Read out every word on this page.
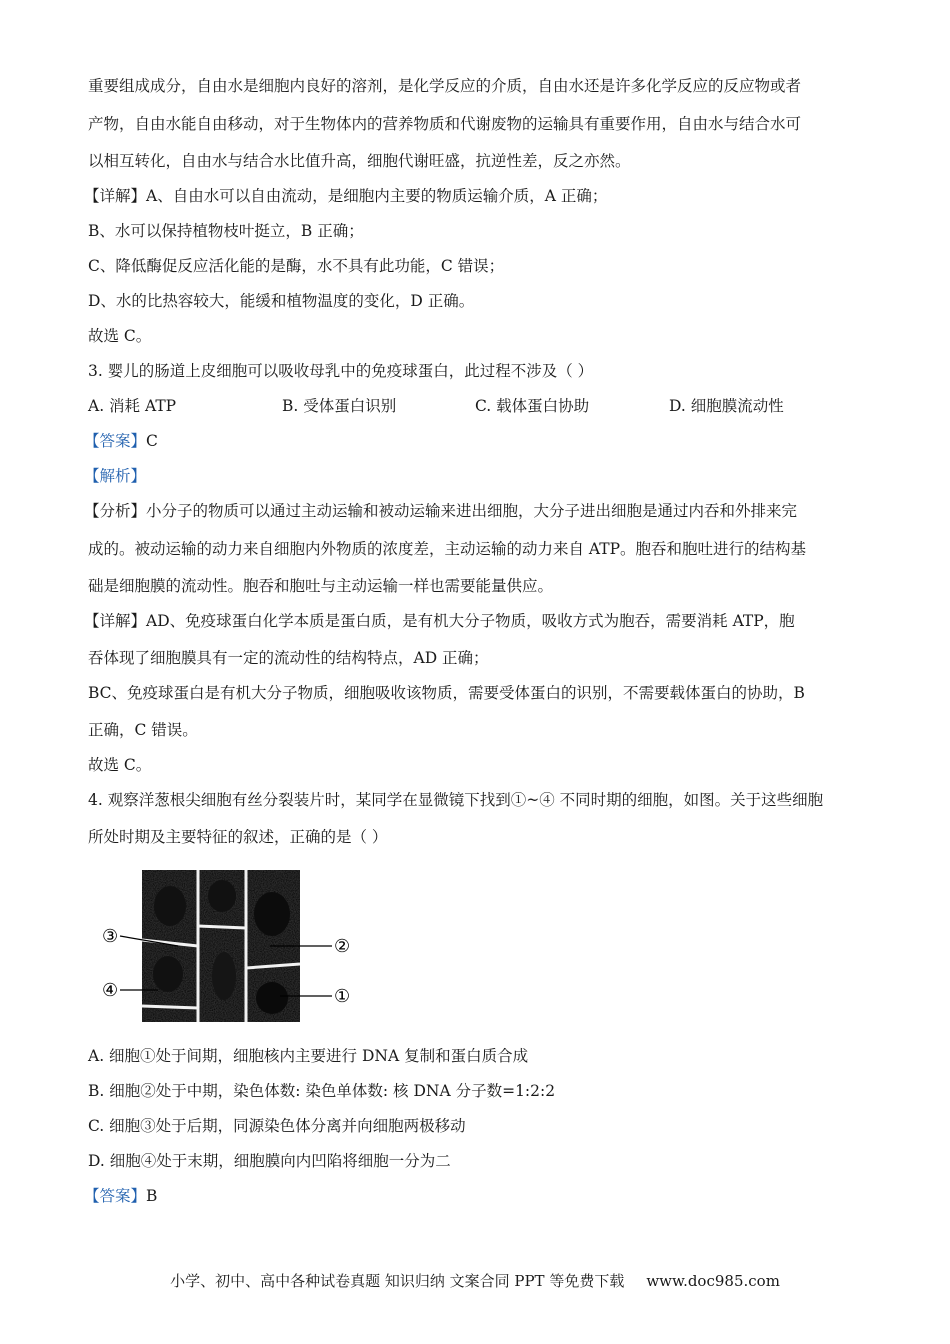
重要组成成分，自由水是细胞内良好的溶剂，是化学反应的介质，自由水还是许多化学反应的反应物或者
产物，自由水能自由移动，对于生物体内的营养物质和代谢废物的运输具有重要作用，自由水与结合水可
以相互转化，自由水与结合水比值升高，细胞代谢旺盛，抗逆性差，反之亦然。
【详解】A、自由水可以自由流动，是细胞内主要的物质运输介质，A 正确；
B、水可以保持植物枝叶挺立，B 正确；
C、降低酶促反应活化能的是酶，水不具有此功能，C 错误；
D、水的比热容较大，能缓和植物温度的变化，D 正确。
故选 C。
3. 婴儿的肠道上皮细胞可以吸收母乳中的免疫球蛋白，此过程不涉及（ ）
A. 消耗 ATP	B. 受体蛋白识别	C. 载体蛋白协助	D. 细胞膜流动性
【答案】C
【解析】
【分析】小分子的物质可以通过主动运输和被动运输来进出细胞，大分子进出细胞是通过内吞和外排来完
成的。被动运输的动力来自细胞内外物质的浓度差，主动运输的动力来自 ATP。胞吞和胞吐进行的结构基
础是细胞膜的流动性。胞吞和胞吐与主动运输一样也需要能量供应。
【详解】AD、免疫球蛋白化学本质是蛋白质，是有机大分子物质，吸收方式为胞吞，需要消耗 ATP，胞
吞体现了细胞膜具有一定的流动性的结构特点，AD 正确；
BC、免疫球蛋白是有机大分子物质，细胞吸收该物质，需要受体蛋白的识别，不需要载体蛋白的协助，B
正确，C 错误。
故选 C。
4. 观察洋葱根尖细胞有丝分裂装片时，某同学在显微镜下找到①~④ 不同时期的细胞，如图。关于这些细胞
所处时期及主要特征的叙述，正确的是（ ）
③	②
④	①
A. 细胞①处于间期，细胞核内主要进行 DNA 复制和蛋白质合成
B. 细胞②处于中期，染色体数: 染色单体数: 核 DNA 分子数=1:2:2
C. 细胞③处于后期，同源染色体分离并向细胞两极移动
D. 细胞④处于末期，细胞膜向内凹陷将细胞一分为二
【答案】B
小学、初中、高中各种试卷真题 知识归纳 文案合同 PPT 等免费下载 www.doc985.com
